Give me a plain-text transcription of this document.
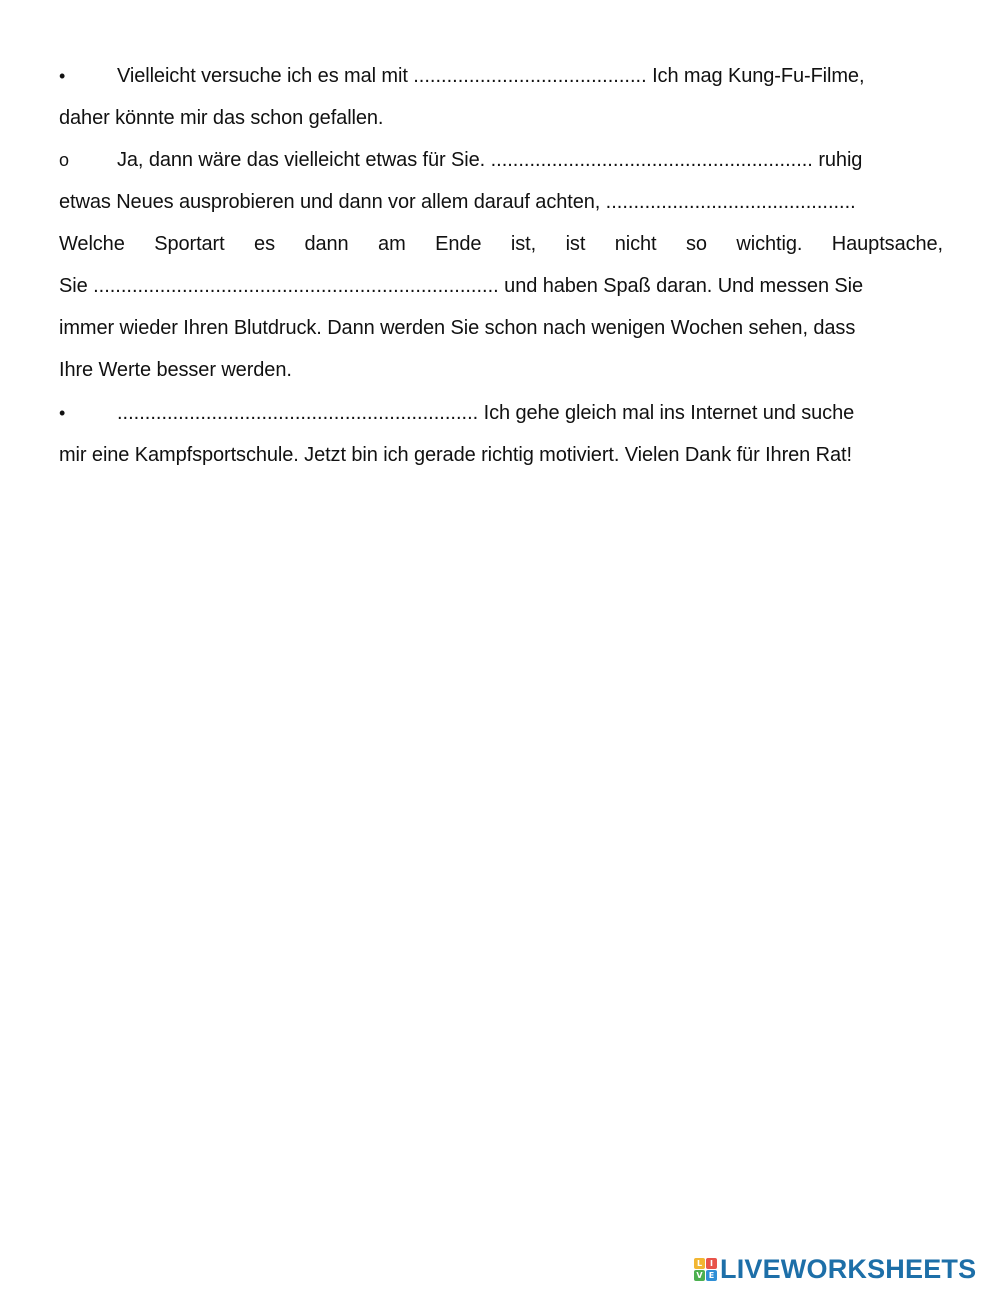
•	Vielleicht versuche ich es mal mit .......................................... Ich mag Kung-Fu-Filme,
daher könnte mir das schon gefallen.
o	Ja, dann wäre das vielleicht etwas für Sie. .......................................................... ruhig
etwas Neues ausprobieren und dann vor allem darauf achten, .............................................
Welche Sportart es dann am Ende ist, ist nicht so wichtig. Hauptsache,
Sie ......................................................................... und haben Spaß daran. Und messen Sie
immer wieder Ihren Blutdruck. Dann werden Sie schon nach wenigen Wochen sehen, dass
Ihre Werte besser werden.
•	................................................................. Ich gehe gleich mal ins Internet und suche
mir eine Kampfsportschule. Jetzt bin ich gerade richtig motiviert. Vielen Dank für Ihren Rat!
L I
V E LIVEWORKSHEETS
